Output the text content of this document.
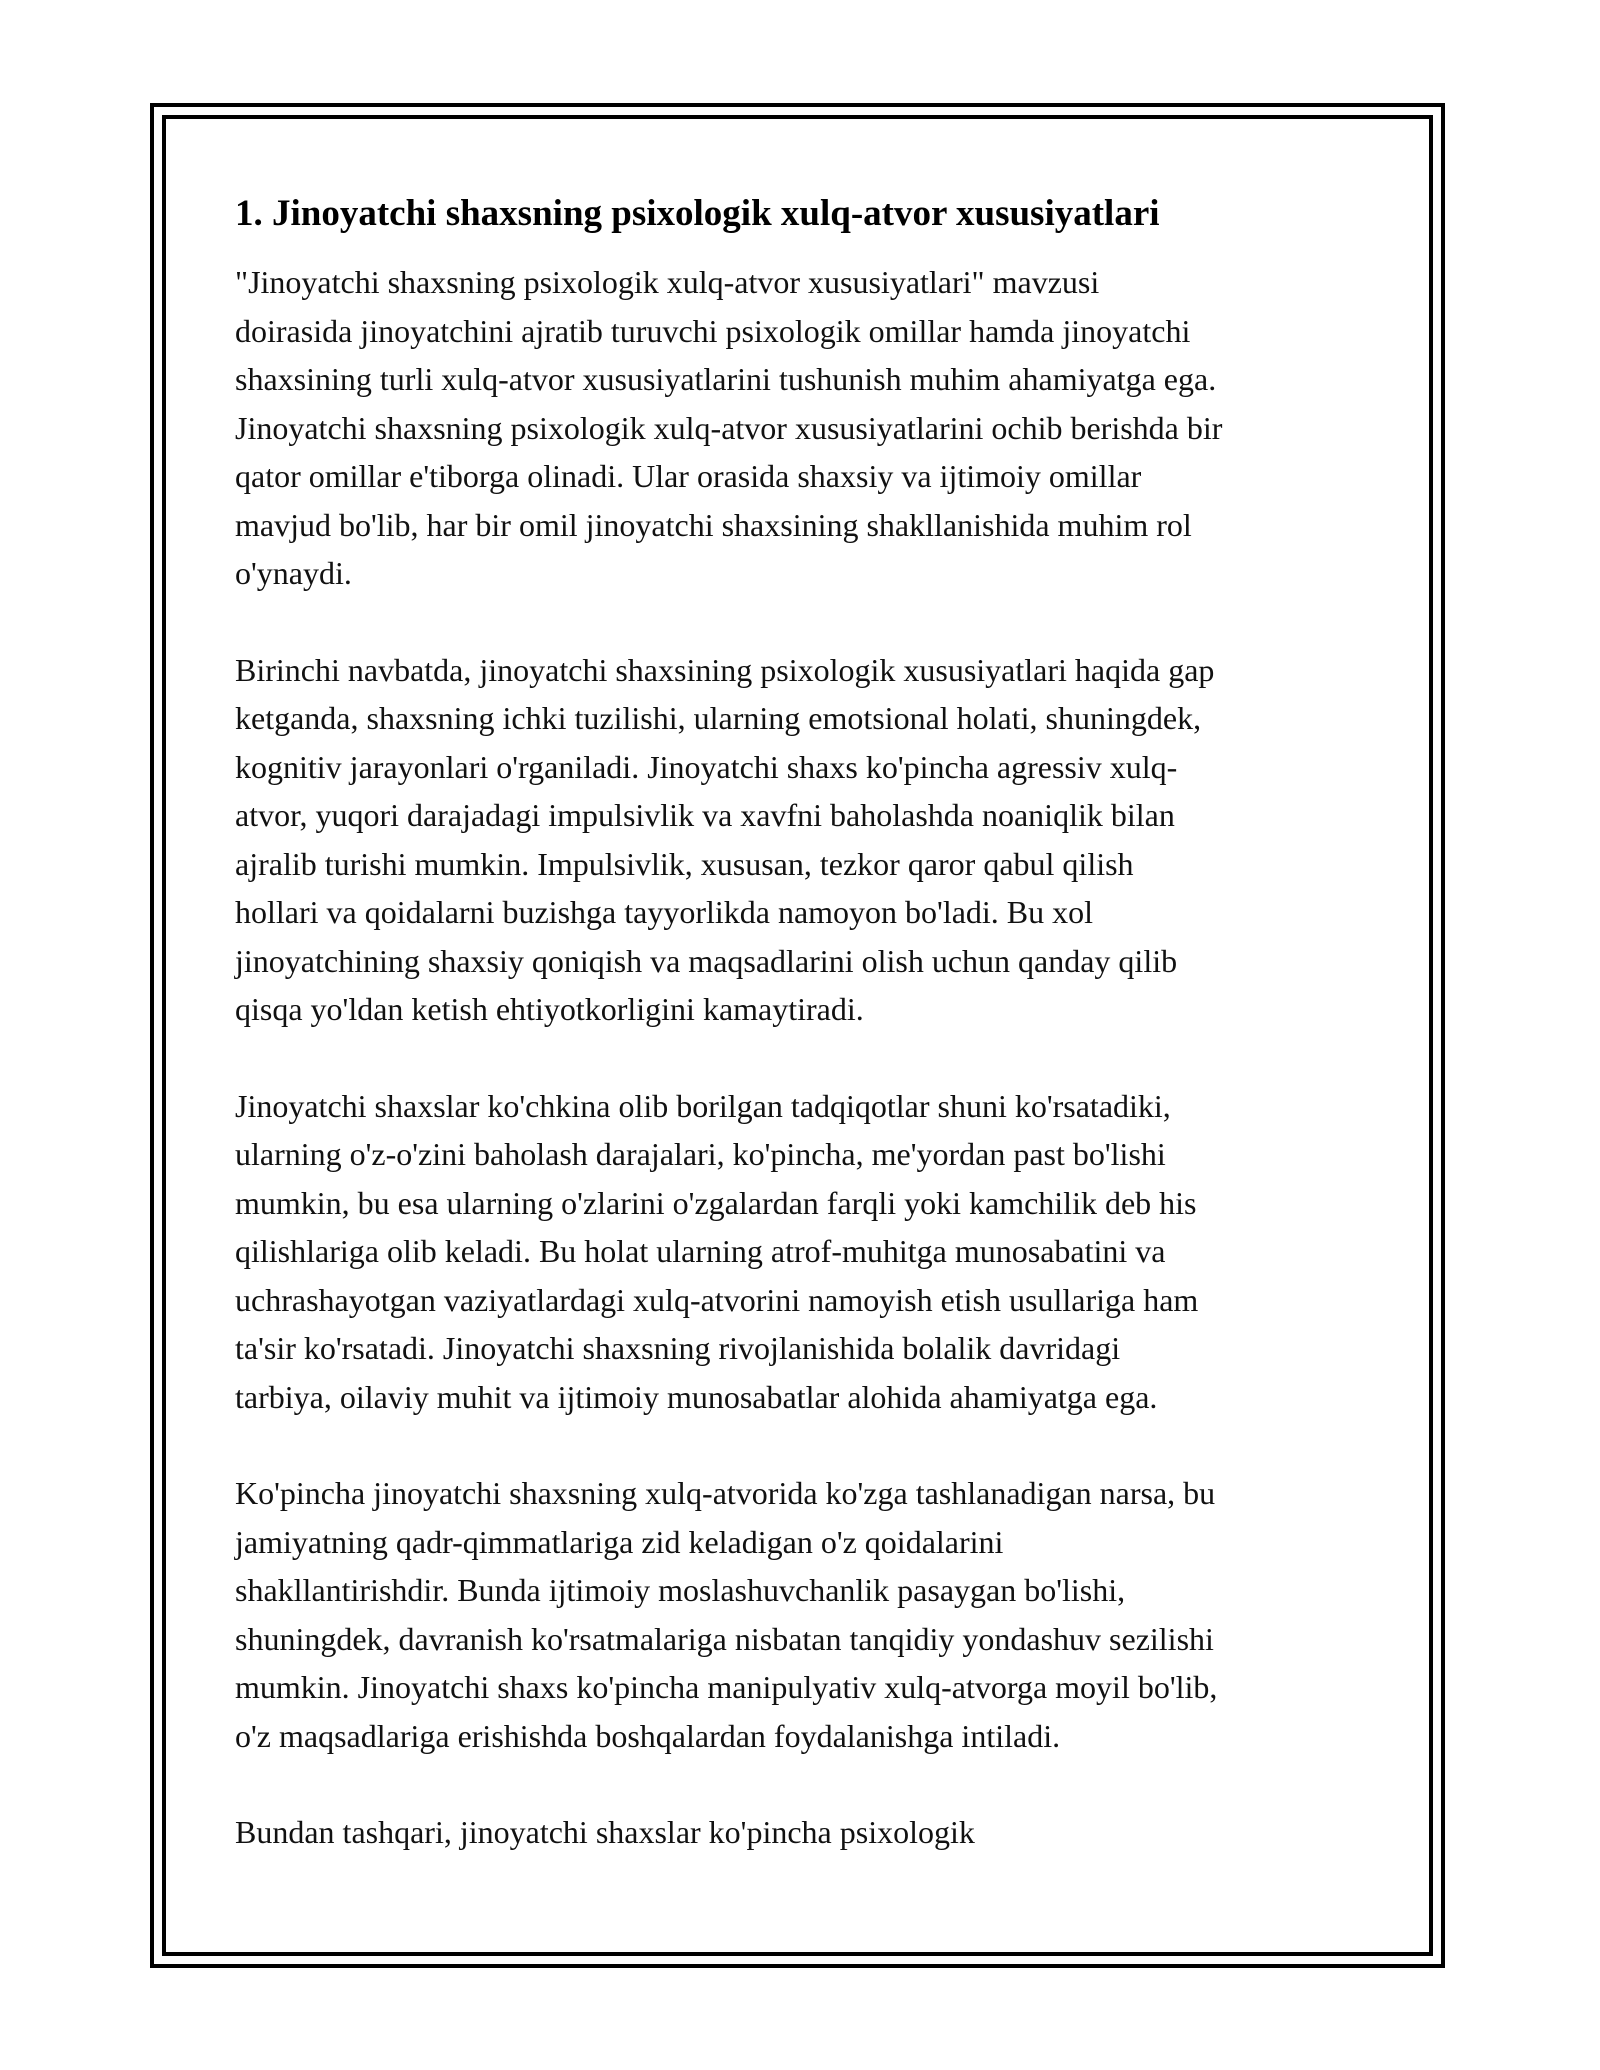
1. Jinoyatchi shaxsning psixologik xulq-atvor xususiyatlari

"Jinoyatchi shaxsning psixologik xulq-atvor xususiyatlari" mavzusi
doirasida jinoyatchini ajratib turuvchi psixologik omillar hamda jinoyatchi
shaxsining turli xulq-atvor xususiyatlarini tushunish muhim ahamiyatga ega.
Jinoyatchi shaxsning psixologik xulq-atvor xususiyatlarini ochib berishda bir
qator omillar e'tiborga olinadi. Ular orasida shaxsiy va ijtimoiy omillar
mavjud bo'lib, har bir omil jinoyatchi shaxsining shakllanishida muhim rol
o'ynaydi.

Birinchi navbatda, jinoyatchi shaxsining psixologik xususiyatlari haqida gap
ketganda, shaxsning ichki tuzilishi, ularning emotsional holati, shuningdek,
kognitiv jarayonlari o'rganiladi. Jinoyatchi shaxs ko'pincha agressiv xulq-
atvor, yuqori darajadagi impulsivlik va xavfni baholashda noaniqlik bilan
ajralib turishi mumkin. Impulsivlik, xususan, tezkor qaror qabul qilish
hollari va qoidalarni buzishga tayyorlikda namoyon bo'ladi. Bu xol
jinoyatchining shaxsiy qoniqish va maqsadlarini olish uchun qanday qilib
qisqa yo'ldan ketish ehtiyotkorligini kamaytiradi.

Jinoyatchi shaxslar ko'chkina olib borilgan tadqiqotlar shuni ko'rsatadiki,
ularning o'z-o'zini baholash darajalari, ko'pincha, me'yordan past bo'lishi
mumkin, bu esa ularning o'zlarini o'zgalardan farqli yoki kamchilik deb his
qilishlariga olib keladi. Bu holat ularning atrof-muhitga munosabatini va
uchrashayotgan vaziyatlardagi xulq-atvorini namoyish etish usullariga ham
ta'sir ko'rsatadi. Jinoyatchi shaxsning rivojlanishida bolalik davridagi
tarbiya, oilaviy muhit va ijtimoiy munosabatlar alohida ahamiyatga ega.

Ko'pincha jinoyatchi shaxsning xulq-atvorida ko'zga tashlanadigan narsa, bu
jamiyatning qadr-qimmatlariga zid keladigan o'z qoidalarini
shakllantirishdir. Bunda ijtimoiy moslashuvchanlik pasaygan bo'lishi,
shuningdek, davranish ko'rsatmalariga nisbatan tanqidiy yondashuv sezilishi
mumkin. Jinoyatchi shaxs ko'pincha manipulyativ xulq-atvorga moyil bo'lib,
o'z maqsadlariga erishishda boshqalardan foydalanishga intiladi.

Bundan tashqari, jinoyatchi shaxslar ko'pincha psixologik
